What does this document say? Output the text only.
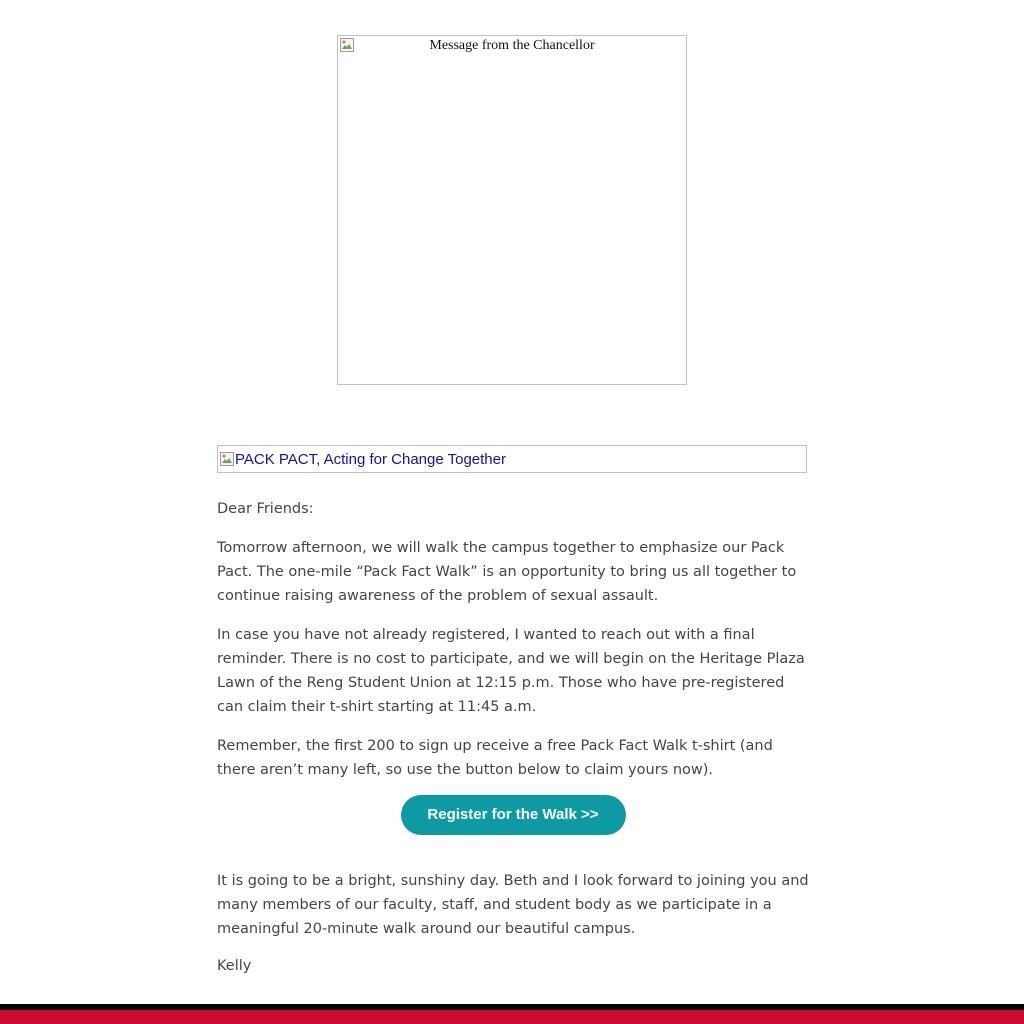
Message from the Chancellor
PACK PACT, Acting for Change Together

Dear Friends:

Tomorrow afternoon, we will walk the campus together to emphasize our Pack Pact. The one-mile “Pack Fact Walk” is an opportunity to bring us all together to continue raising awareness of the problem of sexual assault.

In case you have not already registered, I wanted to reach out with a final reminder. There is no cost to participate, and we will begin on the Heritage Plaza Lawn of the Reng Student Union at 12:15 p.m. Those who have pre-registered can claim their t-shirt starting at 11:45 a.m.

Remember, the first 200 to sign up receive a free Pack Fact Walk t-shirt (and there aren’t many left, so use the button below to claim yours now).

Register for the Walk >>

It is going to be a bright, sunshiny day. Beth and I look forward to joining you and many members of our faculty, staff, and student body as we participate in a meaningful 20-minute walk around our beautiful campus.

Kelly
